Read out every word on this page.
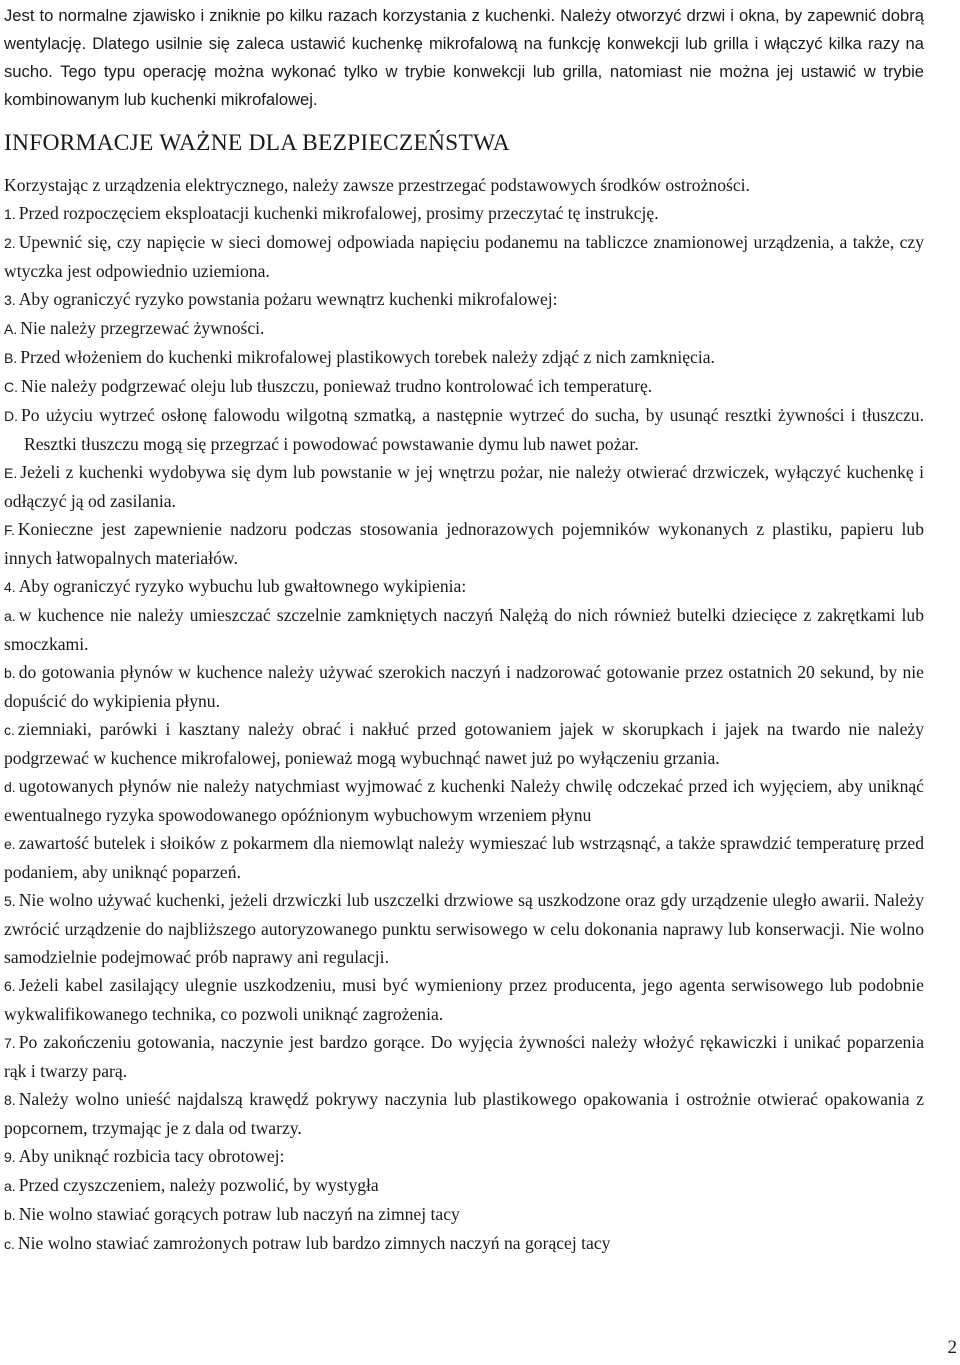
Jest to normalne zjawisko i zniknie po kilku razach korzystania z kuchenki. Należy otworzyć drzwi i okna, by zapewnić dobrą wentylację. Dlatego usilnie się zaleca ustawić kuchenkę mikrofalową na funkcję konwekcji lub grilla i włączyć kilka razy na sucho. Tego typu operację można wykonać tylko w trybie konwekcji lub grilla, natomiast nie można jej ustawić w trybie kombinowanym lub kuchenki mikrofalowej.

INFORMACJE WAŻNE DLA BEZPIECZEŃSTWA

Korzystając z urządzenia elektrycznego, należy zawsze przestrzegać podstawowych środków ostrożności.

1. Przed rozpoczęciem eksploatacji kuchenki mikrofalowej, prosimy przeczytać tę instrukcję.

2. Upewnić się, czy napięcie w sieci domowej odpowiada napięciu podanemu na tabliczce znamionowej urządzenia, a także, czy wtyczka jest odpowiednio uziemiona.

3. Aby ograniczyć ryzyko powstania pożaru wewnątrz kuchenki mikrofalowej:

A. Nie należy przegrzewać żywności.

B. Przed włożeniem do kuchenki mikrofalowej plastikowych torebek należy zdjąć z nich zamknięcia.

C. Nie należy podgrzewać oleju lub tłuszczu, ponieważ trudno kontrolować ich temperaturę.

D. Po użyciu wytrzeć osłonę falowodu wilgotną szmatką, a następnie wytrzeć do sucha, by usunąć resztki żywności i tłuszczu. Resztki tłuszczu mogą się przegrzać i powodować powstawanie dymu lub nawet pożar.

E. Jeżeli z kuchenki wydobywa się dym lub powstanie w jej wnętrzu pożar, nie należy otwierać drzwiczek, wyłączyć kuchenkę i odłączyć ją od zasilania.

F. Konieczne jest zapewnienie nadzoru podczas stosowania jednorazowych pojemników wykonanych z plastiku, papieru lub innych łatwopalnych materiałów.

4. Aby ograniczyć ryzyko wybuchu lub gwałtownego wykipienia:

a. w kuchence nie należy umieszczać szczelnie zamkniętych naczyń Nalężą do nich również butelki dziecięce z zakrętkami lub smoczkami.

b. do gotowania płynów w kuchence należy używać szerokich naczyń i nadzorować gotowanie przez ostatnich 20 sekund, by nie dopuścić do wykipienia płynu.

c. ziemniaki, parówki i kasztany należy obrać i nakłuć przed gotowaniem jajek w skorupkach i jajek na twardo nie należy podgrzewać w kuchence mikrofalowej, ponieważ mogą wybuchnąć nawet już po wyłączeniu grzania.

d. ugotowanych płynów nie należy natychmiast wyjmować z kuchenki Należy chwilę odczekać przed ich wyjęciem, aby uniknąć ewentualnego ryzyka spowodowanego opóźnionym wybuchowym wrzeniem płynu

e. zawartość butelek i słoików z pokarmem dla niemowląt należy wymieszać lub wstrząsnąć, a także sprawdzić temperaturę przed podaniem, aby uniknąć poparzeń.

5. Nie wolno używać kuchenki, jeżeli drzwiczki lub uszczelki drzwiowe są uszkodzone oraz gdy urządzenie uległo awarii. Należy zwrócić urządzenie do najbliższego autoryzowanego punktu serwisowego w celu dokonania naprawy lub konserwacji. Nie wolno samodzielnie podejmować prób naprawy ani regulacji.

6. Jeżeli kabel zasilający ulegnie uszkodzeniu, musi być wymieniony przez producenta, jego agenta serwisowego lub podobnie wykwalifikowanego technika, co pozwoli uniknąć zagrożenia.

7. Po zakończeniu gotowania, naczynie jest bardzo gorące. Do wyjęcia żywności należy włożyć rękawiczki i unikać poparzenia rąk i twarzy parą.

8. Należy wolno unieść najdalszą krawędź pokrywy naczynia lub plastikowego opakowania i ostrożnie otwierać opakowania z popcornem, trzymając je z dala od twarzy.

9. Aby uniknąć rozbicia tacy obrotowej:

a. Przed czyszczeniem, należy pozwolić, by wystygła

b. Nie wolno stawiać gorących potraw lub naczyń na zimnej tacy

c. Nie wolno stawiać zamrożonych potraw lub bardzo zimnych naczyń na gorącej tacy

2
